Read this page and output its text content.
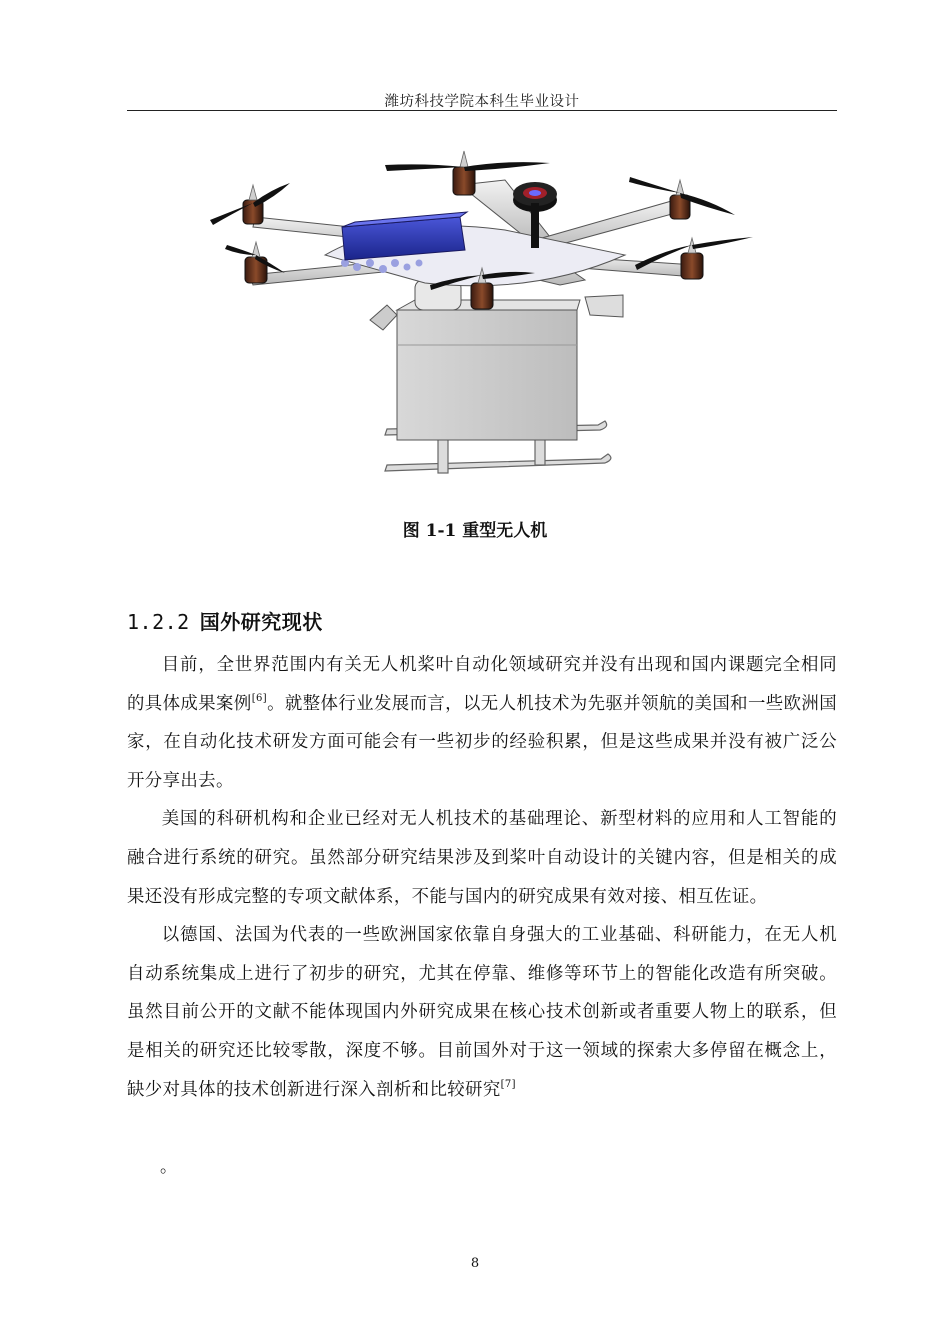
潍坊科技学院本科生毕业设计
图 1-1 重型无人机
1.2.2 国外研究现状

目前，全世界范围内有关无人机桨叶自动化领域研究并没有出现和国内课题完全相同的具体成果案例[6]。就整体行业发展而言，以无人机技术为先驱并领航的美国和一些欧洲国家，在自动化技术研发方面可能会有一些初步的经验积累，但是这些成果并没有被广泛公开分享出去。

美国的科研机构和企业已经对无人机技术的基础理论、新型材料的应用和人工智能的融合进行系统的研究。虽然部分研究结果涉及到桨叶自动设计的关键内容，但是相关的成果还没有形成完整的专项文献体系，不能与国内的研究成果有效对接、相互佐证。

以德国、法国为代表的一些欧洲国家依靠自身强大的工业基础、科研能力，在无人机自动系统集成上进行了初步的研究，尤其在停靠、维修等环节上的智能化改造有所突破。虽然目前公开的文献不能体现国内外研究成果在核心技术创新或者重要人物上的联系，但是相关的研究还比较零散，深度不够。目前国外对于这一领域的探索大多停留在概念上，缺少对具体的技术创新进行深入剖析和比较研究[7]

。
8
